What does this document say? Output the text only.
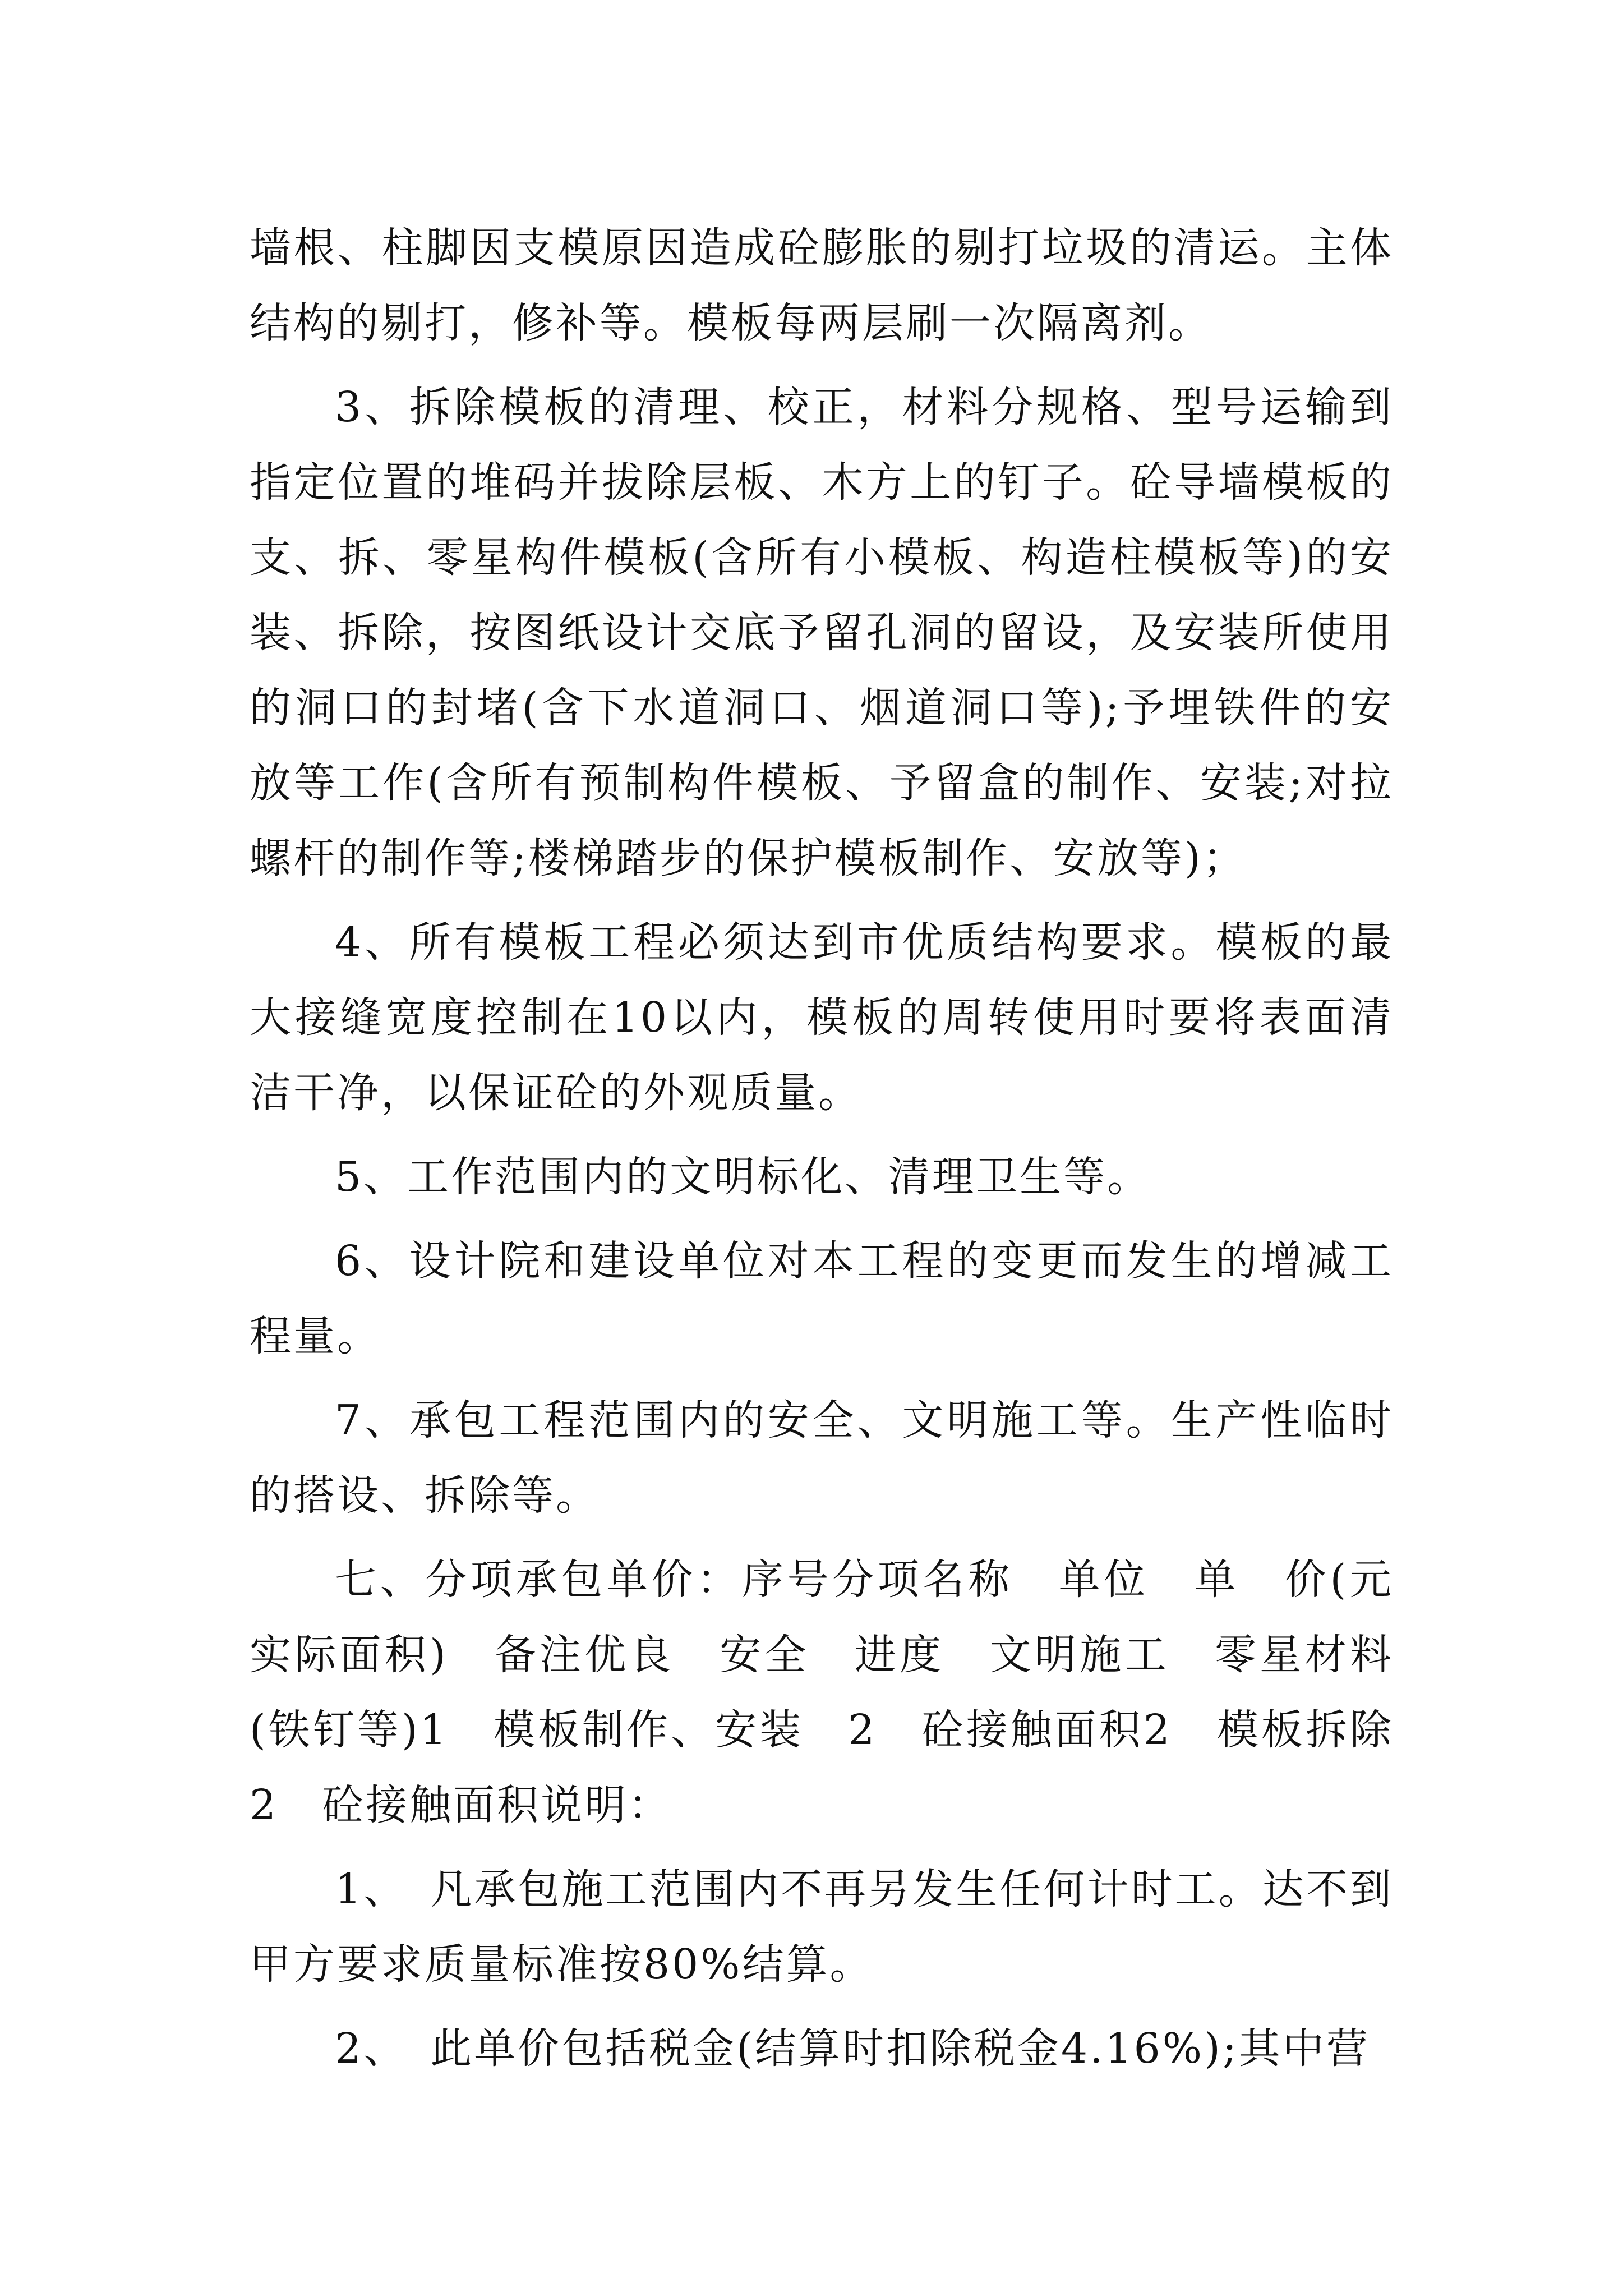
墙根、柱脚因支模原因造成砼膨胀的剔打垃圾的清运。主体结构的剔打，修补等。模板每两层刷一次隔离剂。

3、拆除模板的清理、校正，材料分规格、型号运输到指定位置的堆码并拔除层板、木方上的钉子。砼导墙模板的支、拆、零星构件模板(含所有小模板、构造柱模板等)的安装、拆除，按图纸设计交底予留孔洞的留设，及安装所使用的洞口的封堵(含下水道洞口、烟道洞口等);予埋铁件的安放等工作(含所有预制构件模板、予留盒的制作、安装;对拉螺杆的制作等;楼梯踏步的保护模板制作、安放等)；

4、所有模板工程必须达到市优质结构要求。模板的最大接缝宽度控制在10以内，模板的周转使用时要将表面清洁干净，以保证砼的外观质量。

5、工作范围内的文明标化、清理卫生等。

6、设计院和建设单位对本工程的变更而发生的增减工程量。

7、承包工程范围内的安全、文明施工等。生产性临时的搭设、拆除等。

七、分项承包单价：序号分项名称　单位　单　价(元实际面积)　备注优良　安全　进度　文明施工　零星材料(铁钉等)1　模板制作、安装　2　砼接触面积2　模板拆除　2　砼接触面积说明：

1、　凡承包施工范围内不再另发生任何计时工。达不到甲方要求质量标准按80%结算。

2、　此单价包括税金(结算时扣除税金4.16%);其中营
